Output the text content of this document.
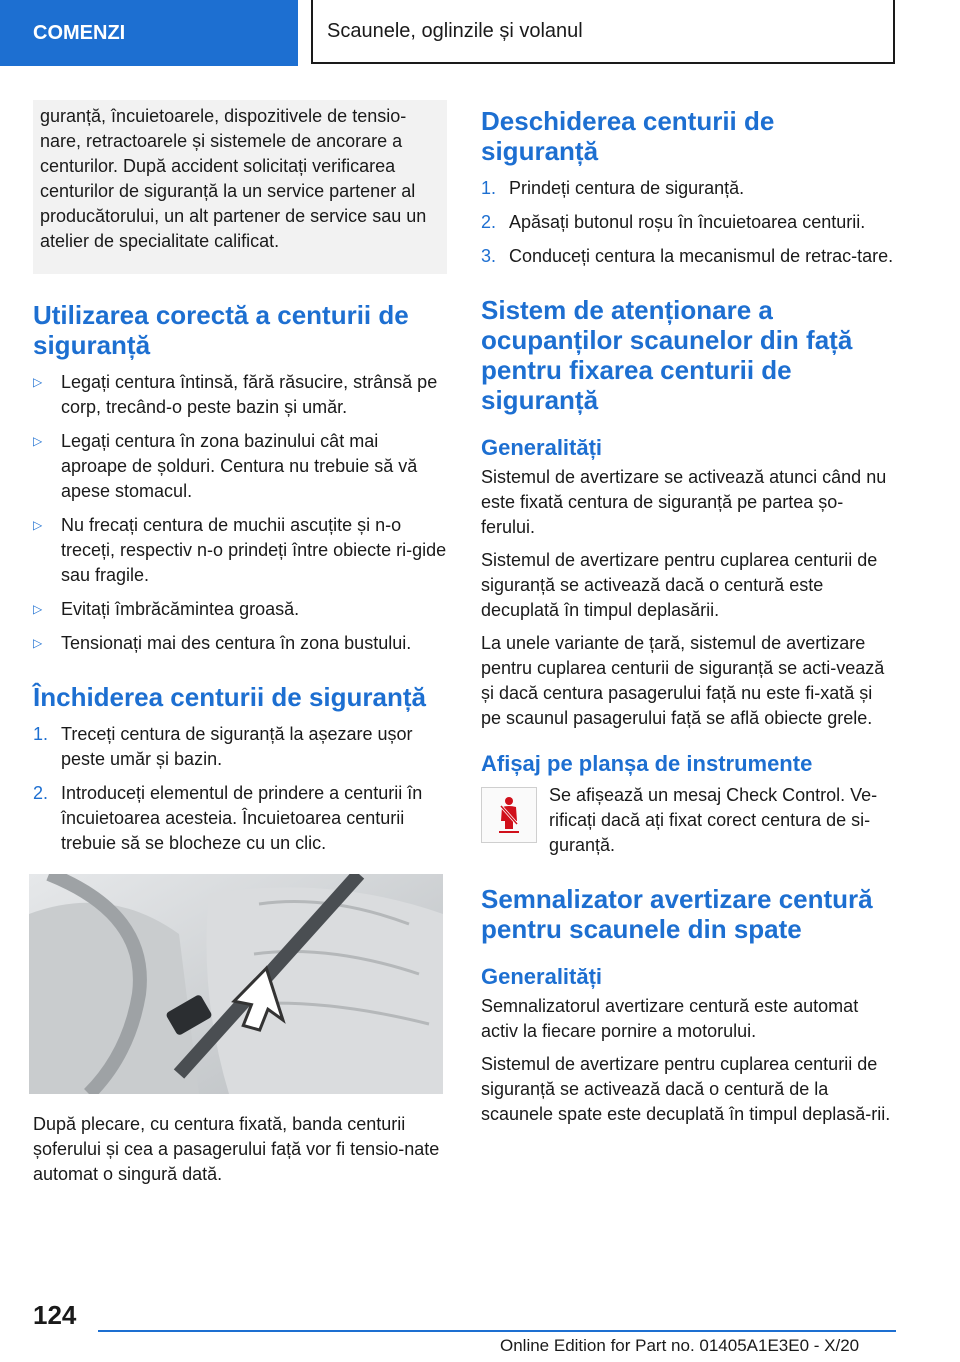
COMENZI	Scaunele, oglinzile și volanul
guranță, încuietoarele, dispozitivele de tensio-nare, retractoarele și sistemele de ancorare a centurilor. După accident solicitați verificarea centurilor de siguranță la un service partener al producătorului, un alt partener de service sau un atelier de specialitate calificat.
Utilizarea corectă a centurii de siguranță
▷ Legați centura întinsă, fără răsucire, strânsă pe corp, trecând-o peste bazin și umăr.
▷ Legați centura în zona bazinului cât mai aproape de șolduri. Centura nu trebuie să vă apese stomacul.
▷ Nu frecați centura de muchii ascuțite și n-o treceți, respectiv n-o prindeți între obiecte ri-gide sau fragile.
▷ Evitați îmbrăcămintea groasă.
▷ Tensionați mai des centura în zona bustului.
Închiderea centurii de siguranță
1. Treceți centura de siguranță la așezare ușor peste umăr și bazin.
2. Introduceți elementul de prindere a centurii în încuietoarea acesteia. Încuietoarea centurii trebuie să se blocheze cu un clic.

După plecare, cu centura fixată, banda centurii șoferului și cea a pasagerului față vor fi tensio-nate automat o singură dată.

Deschiderea centurii de siguranță
1. Prindeți centura de siguranță.
2. Apăsați butonul roșu în încuietoarea centurii.
3. Conduceți centura la mecanismul de retrac-tare.
Sistem de atenționare a ocupanților scaunelor din față pentru fixarea centurii de siguranță
Generalități

Sistemul de avertizare se activează atunci când nu este fixată centura de siguranță pe partea șo-ferului.

Sistemul de avertizare pentru cuplarea centurii de siguranță se activează dacă o centură este decuplată în timpul deplasării.

La unele variante de țară, sistemul de avertizare pentru cuplarea centurii de siguranță se acti-vează și dacă centura pasagerului față nu este fi-xată și pe scaunul pasagerului față se află obiecte grele.

Afișaj pe planșa de instrumente

Se afișează un mesaj Check Control. Ve-rificați dacă ați fixat corect centura de si-guranță.

Semnalizator avertizare centură pentru scaunele din spate
Generalități

Semnalizatorul avertizare centură este automat activ la fiecare pornire a motorului.

Sistemul de avertizare pentru cuplarea centurii de siguranță se activează dacă o centură de la scaunele spate este decuplată în timpul deplasă-rii.

124
Online Edition for Part no. 01405A1E3E0 - X/20
